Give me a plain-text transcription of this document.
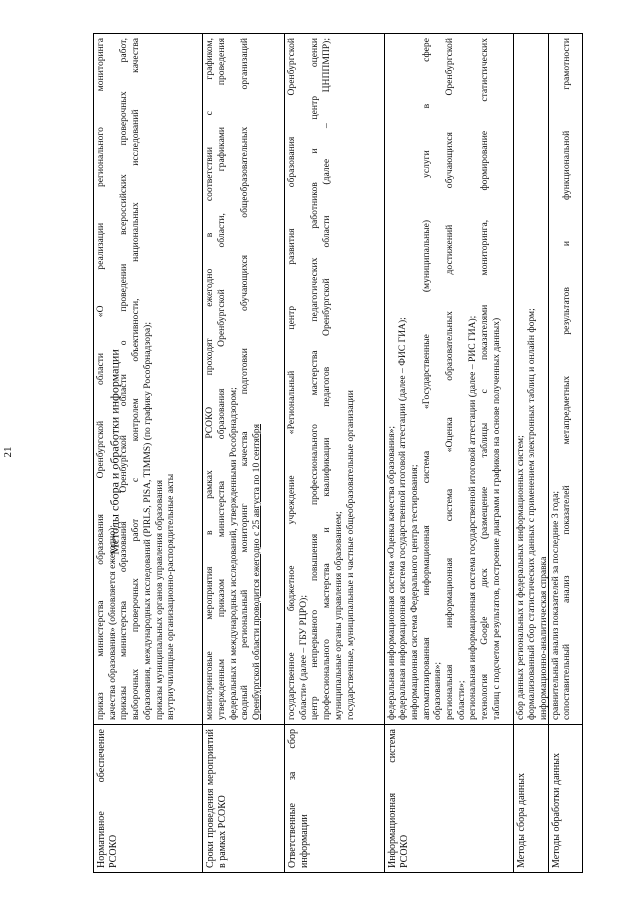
21	Методы сбора и обработки информации
Нормативное обеспечение РСОКО
приказ министерства образования Оренбургской области «О реализации регионального мониторинга качества образования» (обновляется ежегодно); приказы министерства образования Оренбургской области о проведении всероссийских проверочных работ, выборочных проверочных работ с контролем объективности, национальных исследований качества образования, международных исследований (PIRLS, PISA, TIMMS) (по графику Рособрнадзора); приказы муниципальных органов управления образования внутриучилищные организационно-распорядительные акты
Сроки проведения мероприятий в рамках РСОКО
мониторинговые мероприятия в рамках РСОКО проходят ежегодно в соответствии с графиком, утвержденным приказом министерства образования Оренбургской области, графиками проведения федеральных и международных исследований, утвержденными Рособрнадзором; сводный региональный мониторинг качества подготовки обучающихся общеобразовательных организаций Оренбургской области проводится ежегодно с 25 августа по 10 сентября
Ответственные за сбор информации
государственное бюджетное учреждение «Региональный центр развития образования Оренбургской области» (далее – ГБУ РЦРО); центр непрерывного повышения профессионального мастерства педагогических работников и центр оценки профессионального мастерства и квалификации педагогов Оренбургской области (далее – ЦНППМПР); муниципальные органы управления образованием; государственные, муниципальные и частные общеобразовательные организации
Информационная система РСОКО
федеральная информационная система «Оценка качества образования»; федеральная информационная система государственной итоговой аттестации (далее – ФИС ГИА); информационная система Федерального центра тестирования; автоматизированная информационная система «Государственные (муниципальные) услуги в сфере образования»; региональная информационная система «Оценка образовательных достижений обучающихся Оренбургской области»; региональная информационная система государственной итоговой аттестации (далее – РИС ГИА); технология Google диск (размещение таблицы с показателями мониторинга, формирование статистических таблиц с подсчетом результатов, построение диаграмм и графиков на основе полученных данных)
Методы сбора данных
сбор данных региональных и федеральных информационных систем; формализованный сбор статистических данных с применением электронных таблиц и онлайн форм; информационно-аналитическая справка
Методы обработки данных
сравнительный анализ показателей за последние 3 года; сопоставительный анализ показателей метапредметных результатов и функциональной грамотности
